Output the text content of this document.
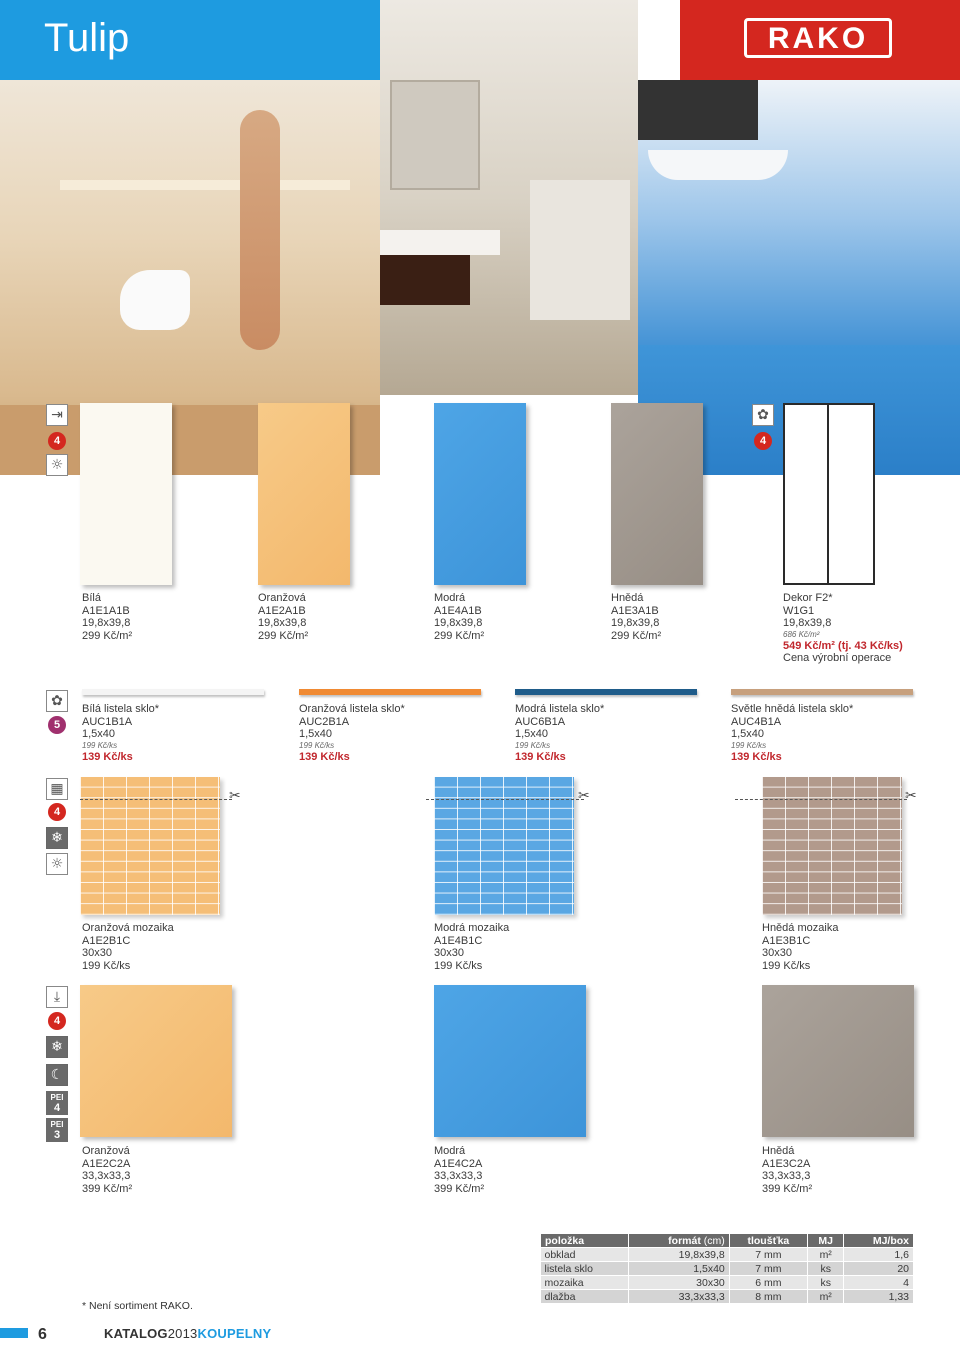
Tulip	RAKO
⇥
4
☼
Bílá
A1E1A1B
19,8x39,8
299 Kč/m²
Oranžová
A1E2A1B
19,8x39,8
299 Kč/m²
Modrá
A1E4A1B
19,8x39,8
299 Kč/m²
Hnědá
A1E3A1B
19,8x39,8
299 Kč/m²
✿
4
Dekor F2*
W1G1
19,8x39,8
686 Kč/m²
549 Kč/m² (tj. 43 Kč/ks)
Cena výrobní operace
✿
5
Bílá listela sklo*
AUC1B1A
1,5x40
199 Kč/ks
139 Kč/ks
Oranžová listela sklo*
AUC2B1A
1,5x40
199 Kč/ks
139 Kč/ks
Modrá listela sklo*
AUC6B1A
1,5x40
199 Kč/ks
139 Kč/ks
Světle hnědá listela sklo*
AUC4B1A
1,5x40
199 Kč/ks
139 Kč/ks
▦
4
❄
☼
✂	✂	✂
Oranžová mozaika
A1E2B1C
30x30
199 Kč/ks
Modrá mozaika
A1E4B1C
30x30
199 Kč/ks
Hnědá mozaika
A1E3B1C
30x30
199 Kč/ks
⤓
4
❄
☾
PEI
4
PEI
3
Oranžová
A1E2C2A
33,3x33,3
399 Kč/m²
Modrá
A1E4C2A
33,3x33,3
399 Kč/m²
Hnědá
A1E3C2A
33,3x33,3
399 Kč/m²
položka	formát (cm)	tloušťka	MJ	MJ/box
obklad	19,8x39,8	7 mm	m²	1,6
listela sklo	1,5x40	7 mm	ks	20
mozaika	30x30	6 mm	ks	4
dlažba	33,3x33,3	8 mm	m²	1,33
* Není sortiment RAKO.
6	KATALOG2013KOUPELNY
